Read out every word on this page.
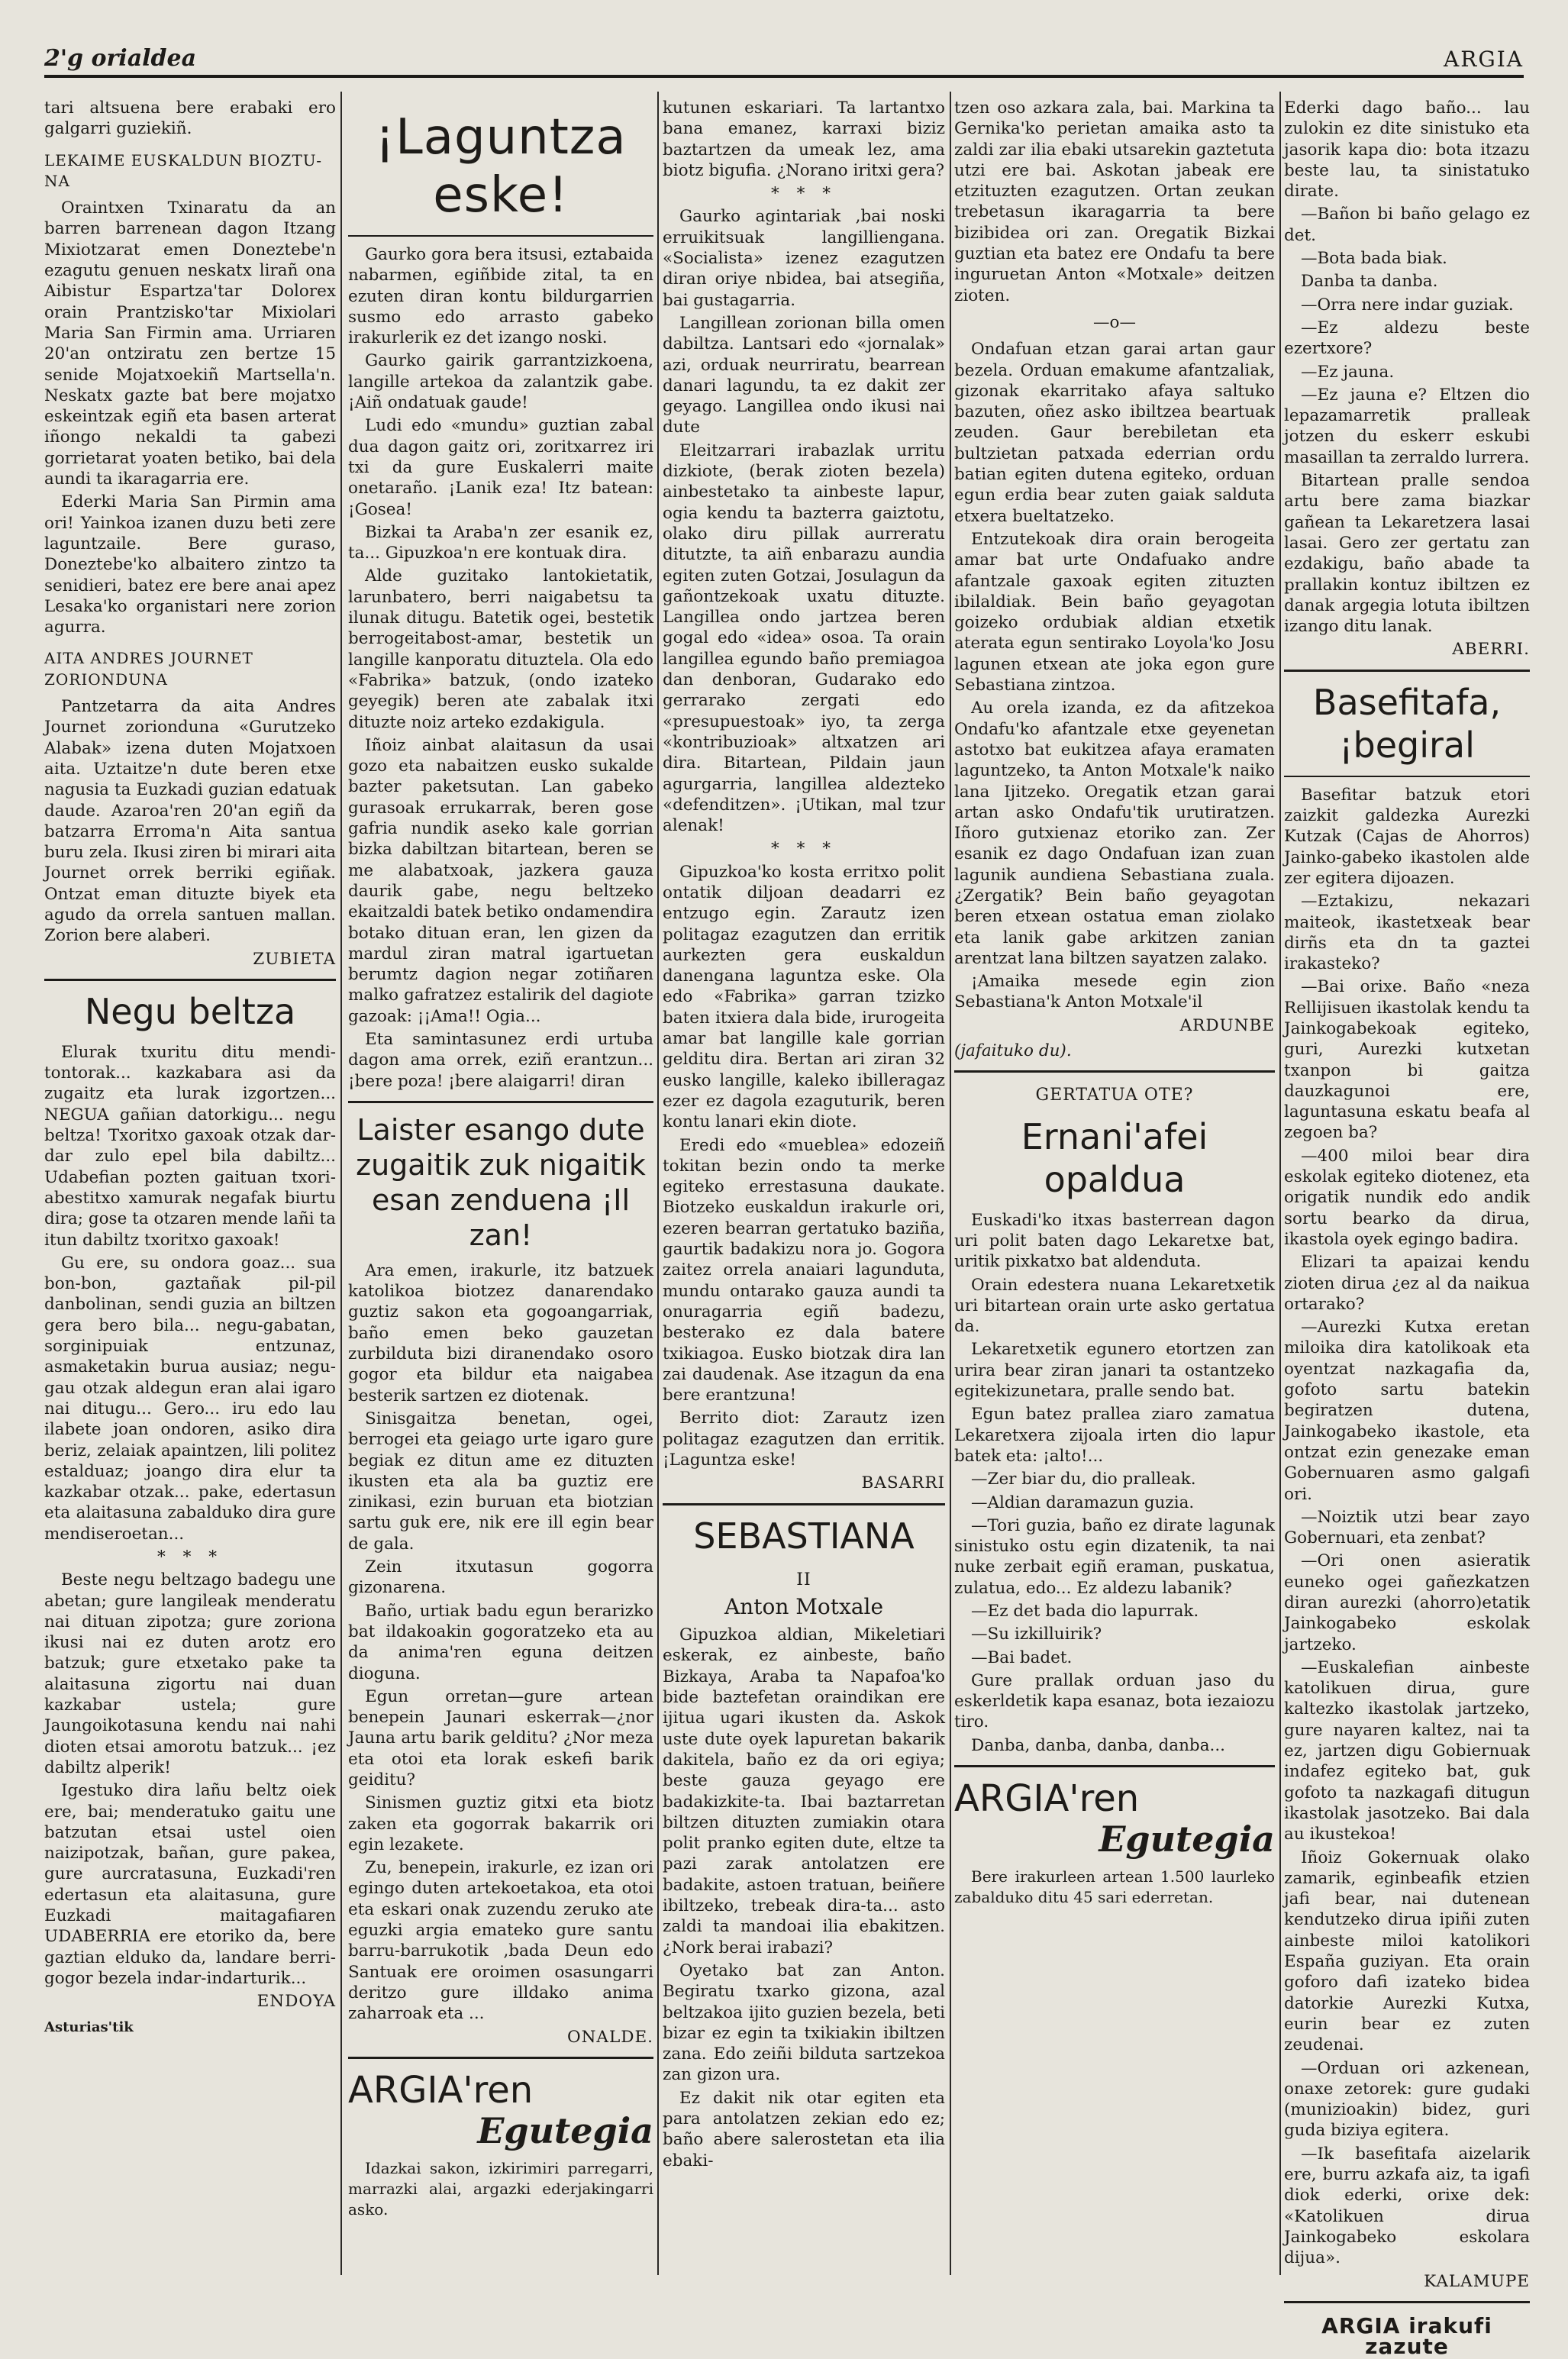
2'g orialdea	ARGIA

tari altsuena bere erabaki ero galgarri guziekiñ.

LEKAIME EUSKALDUN BIOZTU-NA

Oraintxen Txinaratu da an barren barrenean dagon Itzang Mixiotzarat emen Doneztebe'n ezagutu genuen neskatx lirañ ona Aibistur Espartza'tar Dolorex orain Prantzisko'tar Mixiolari Maria San Firmin ama. Urriaren 20'an ontziratu zen bertze 15 senide Mojatxoekiñ Martsella'n. Neskatx gazte bat bere mojatxo eskeintzak egiñ eta basen arterat iñongo nekaldi ta gabezi gorrietarat yoaten betiko, bai dela aundi ta ikaragarria ere.

Ederki Maria San Pirmin ama ori! Yainkoa izanen duzu beti zere laguntzaile. Bere guraso, Doneztebe'ko albaitero zintzo ta senidieri, batez ere bere anai apez Lesaka'ko organistari nere zorion agurra.

AITA ANDRES JOURNET ZORIONDUNA

Pantzetarra da aita Andres Journet zorionduna «Gurutzeko Alabak» izena duten Mojatxoen aita. Uztaitze'n dute beren etxe nagusia ta Euzkadi guzian edatuak daude. Azaroa'ren 20'an egiñ da batzarra Erroma'n Aita santua buru zela. Ikusi ziren bi mirari aita Journet orrek berriki egiñak. Ontzat eman dituzte biyek eta agudo da orrela santuen mallan. Zorion bere alaberi.

ZUBIETA
Negu beltza

Elurak txuritu ditu mendi-tontorak... kazkabara asi da zugaitz eta lurak izgortzen... NEGUA gañian datorkigu... negu beltza! Txoritxo gaxoak otzak dar-dar zulo epel bila dabiltz... Udabefian pozten gaituan txori-abestitxo xamurak negafak biurtu dira; gose ta otzaren mende lañi ta itun dabiltz txoritxo gaxoak!

Gu ere, su ondora goaz... sua bon-bon, gaztañak pil-pil danbolinan, sendi guzia an biltzen gera bero bila... negu-gabatan, sorginipuiak entzunaz, asmaketakin burua ausiaz; negu-gau otzak aldegun eran alai igaro nai ditugu... Gero... iru edo lau ilabete joan ondoren, asiko dira beriz, zelaiak apaintzen, lili politez estalduaz; joango dira elur ta kazkabar otzak... pake, edertasun eta alaitasuna zabalduko dira gure mendiseroetan...

* * *

Beste negu beltzago badegu une abetan; gure langileak menderatu nai dituan zipotza; gure zoriona ikusi nai ez duten arotz ero batzuk; gure etxetako pake ta alaitasuna zigortu nai duan kazkabar ustela; gure Jaungoikotasuna kendu nai nahi dioten etsai amorotu batzuk... ¡ez dabiltz alperik!

Igestuko dira lañu beltz oiek ere, bai; menderatuko gaitu une batzutan etsai ustel oien naizipotzak, bañan, gure pakea, gure aurcratasuna, Euzkadi'ren edertasun eta alaitasuna, gure Euzkadi maitagafiaren UDABERRIA ere etoriko da, bere gaztian elduko da, landare berri-gogor bezela indar-indarturik...

ENDOYA

Asturias'tik

¡Laguntza eske!

Gaurko gora bera itsusi, eztabaida nabarmen, egiñbide zital, ta en ezuten diran kontu bildurgarrien susmo edo arrasto gabeko irakurlerik ez det izango noski.

Gaurko gairik garrantzizkoena, langille artekoa da zalantzik gabe. ¡Aiñ ondatuak gaude!

Ludi edo «mundu» guztian zabal dua dagon gaitz ori, zoritxarrez iri txi da gure Euskalerri maite onetaraño. ¡Lanik eza! Itz batean: ¡Gosea!

Bizkai ta Araba'n zer esanik ez, ta... Gipuzkoa'n ere kontuak dira.

Alde guzitako lantokietatik, larunbatero, berri naigabetsu ta ilunak ditugu. Batetik ogei, bestetik berrogeitabost-amar, bestetik un langille kanporatu dituztela. Ola edo «Fabrika» batzuk, (ondo izateko geyegik) beren ate zabalak itxi dituzte noiz arteko ezdakigula.

Iñoiz ainbat alaitasun da usai gozo eta nabaitzen eusko sukalde bazter paketsutan. Lan gabeko gurasoak errukarrak, beren gose gafria nundik aseko kale gorrian bizka dabiltzan bitartean, beren se me alabatxoak, jazkera gauza daurik gabe, negu beltzeko ekaitzaldi batek betiko ondamendira botako dituan eran, len gizen da mardul ziran matral igartuetan berumtz dagion negar zotiñaren malko gafratzez estalirik del dagiote gazoak: ¡¡Ama!! Ogia...

Eta samintasunez erdi urtuba dagon ama orrek, eziñ erantzun... ¡bere poza! ¡bere alaigarri! diran

Laister esango dute zugaitik zuk nigaitik esan zenduena ¡Il zan!

Ara emen, irakurle, itz batzuek katolikoa biotzez danarendako guztiz sakon eta gogoangarriak, baño emen beko gauzetan zurbilduta bizi diranendako osoro gogor eta bildur eta naigabea besterik sartzen ez diotenak.

Sinisgaitza benetan, ogei, berrogei eta geiago urte igaro gure begiak ez ditun ame ez dituzten ikusten eta ala ba guztiz ere zinikasi, ezin buruan eta biotzian sartu guk ere, nik ere ill egin bear de gala.

Zein itxutasun gogorra gizonarena.

Baño, urtiak badu egun berarizko bat ildakoakin gogoratzeko eta au da anima'ren eguna deitzen dioguna.

Egun orretan—gure artean benepein Jaunari eskerrak—¿nor Jauna artu barik gelditu? ¿Nor meza eta otoi eta lorak eskefi barik geiditu?

Sinismen guztiz gitxi eta biotz zaken eta gogorrak bakarrik ori egin lezakete.

Zu, benepein, irakurle, ez izan ori egingo duten artekoetakoa, eta otoi eta eskari onak zuzendu zeruko ate eguzki argia emateko gure santu barru-barrukotik ,bada Deun edo Santuak ere oroimen osasungarri deritzo gure illdako anima zaharroak eta ...

ONALDE.
ARGIA'ren
Egutegia

Idazkai sakon, izkirimiri parregarri, marrazki alai, argazki ederjakingarri asko.

kutunen eskariari. Ta lartantxo bana emanez, karraxi biziz baztartzen da umeak lez, ama biotz bigufia. ¿Norano iritxi gera?

* * *

Gaurko agintariak ,bai noski erruikitsuak langilliengana. «Socialista» izenez ezagutzen diran oriye nbidea, bai atsegiña, bai gustagarria.

Langillean zorionan billa omen dabiltza. Lantsari edo «jornalak» azi, orduak neurriratu, bearrean danari lagundu, ta ez dakit zer geyago. Langillea ondo ikusi nai dute

Eleitzarrari irabazlak urritu dizkiote, (berak zioten bezela) ainbestetako ta ainbeste lapur, ogia kendu ta bazterra gaiztotu, olako diru pillak aurreratu ditutzte, ta aiñ enbarazu aundia egiten zuten Gotzai, Josulagun da gañontzekoak uxatu dituzte. Langillea ondo jartzea beren gogal edo «idea» osoa. Ta orain langillea egundo baño premiagoa dan denboran, Gudarako edo gerrarako zergati edo «presupuestoak» iyo, ta zerga «kontribuzioak» altxatzen ari dira. Bitartean, Pildain jaun agurgarria, langillea aldezteko «defenditzen». ¡Utikan, mal tzur alenak!

* * *

Gipuzkoa'ko kosta erritxo polit ontatik diljoan deadarri ez entzugo egin. Zarautz izen politagaz ezagutzen dan erritik aurkezten gera euskaldun danengana laguntza eske. Ola edo «Fabrika» garran tzizko baten itxiera dala bide, irurogeita amar bat langille kale gorrian gelditu dira. Bertan ari ziran 32 eusko langille, kaleko ibilleragaz ezer ez dagola ezaguturik, beren kontu lanari ekin diote.

Eredi edo «mueblea» edozeiñ tokitan bezin ondo ta merke egiteko errestasuna daukate. Biotzeko euskaldun irakurle ori, ezeren bearran gertatuko baziña, gaurtik badakizu nora jo. Gogora zaitez orrela anaiari lagunduta, mundu ontarako gauza aundi ta onuragarria egiñ badezu, besterako ez dala batere txikiagoa. Eusko biotzak dira lan zai daudenak. Ase itzagun da ena bere erantzuna!

Berrito diot: Zarautz izen politagaz ezagutzen dan erritik. ¡Laguntza eske!

BASARRI
SEBASTIANA
II
Anton Motxale

Gipuzkoa aldian, Mikeletiari eskerak, ez ainbeste, baño Bizkaya, Araba ta Napafoa'ko bide baztefetan oraindikan ere ijitua ugari ikusten da. Askok uste dute oyek lapuretan bakarik dakitela, baño ez da ori egiya; beste gauza geyago ere badakizkite-ta. Ibai baztarretan biltzen dituzten zumiakin otara polit pranko egiten dute, eltze ta pazi zarak antolatzen ere badakite, astoen tratuan, beiñere ibiltzeko, trebeak dira-ta... asto zaldi ta mandoai ilia ebakitzen. ¿Nork berai irabazi?

Oyetako bat zan Anton. Begiratu txarko gizona, azal beltzakoa ijito guzien bezela, beti bizar ez egin ta txikiakin ibiltzen zana. Edo zeiñi bilduta sartzekoa zan gizon ura.

Ez dakit nik otar egiten eta para antolatzen zekian edo ez; baño abere salerostetan eta ilia ebaki-

tzen oso azkara zala, bai. Markina ta Gernika'ko perietan amaika asto ta zaldi zar ilia ebaki utsarekin gaztetuta utzi ere bai. Askotan jabeak ere etzituzten ezagutzen. Ortan zeukan trebetasun ikaragarria ta bere bizibidea ori zan. Oregatik Bizkai guztian eta batez ere Ondafu ta bere inguruetan Anton «Motxale» deitzen zioten.

—o—

Ondafuan etzan garai artan gaur bezela. Orduan emakume afantzaliak, gizonak ekarritako afaya saltuko bazuten, oñez asko ibiltzea beartuak zeuden. Gaur berebiletan eta bultzietan patxada ederrian ordu batian egiten dutena egiteko, orduan egun erdia bear zuten gaiak salduta etxera bueltatzeko.

Entzutekoak dira orain berogeita amar bat urte Ondafuako andre afantzale gaxoak egiten zituzten ibilaldiak. Bein baño geyagotan goizeko ordubiak aldian etxetik aterata egun sentirako Loyola'ko Josu lagunen etxean ate joka egon gure Sebastiana zintzoa.

Au orela izanda, ez da afitzekoa Ondafu'ko afantzale etxe geyenetan astotxo bat eukitzea afaya eramaten laguntzeko, ta Anton Motxale'k naiko lana Ijitzeko. Oregatik etzan garai artan asko Ondafu'tik urutiratzen. Iñoro gutxienaz etoriko zan. Zer esanik ez dago Ondafuan izan zuan lagunik aundiena Sebastiana zuala. ¿Zergatik? Bein baño geyagotan beren etxean ostatua eman ziolako eta lanik gabe arkitzen zanian arentzat lana biltzen sayatzen zalako.

¡Amaika mesede egin zion Sebastiana'k Anton Motxale'il

ARDUNBE

(jafaituko du).

GERTATUA OTE?
Ernani'afei opaldua

Euskadi'ko itxas basterrean dagon uri polit baten dago Lekaretxe bat, uritik pixkatxo bat aldenduta.

Orain edestera nuana Lekaretxetik uri bitartean orain urte asko gertatua da.

Lekaretxetik egunero etortzen zan urira bear ziran janari ta ostantzeko egitekizunetara, pralle sendo bat.

Egun batez prallea ziaro zamatua Lekaretxera zijoala irten dio lapur batek eta: ¡alto!...

—Zer biar du, dio pralleak.

—Aldian daramazun guzia.

—Tori guzia, baño ez dirate lagunak sinistuko ostu egin dizatenik, ta nai nuke zerbait egiñ eraman, puskatua, zulatua, edo... Ez aldezu labanik?

—Ez det bada dio lapurrak.

—Su izkilluirik?

—Bai badet.

Gure prallak orduan jaso du eskerldetik kapa esanaz, bota iezaiozu tiro.

Danba, danba, danba, danba...

ARGIA'ren
Egutegia

Bere irakurleen artean 1.500 laurleko zabalduko ditu 45 sari ederretan.

Ederki dago baño... lau zulokin ez dite sinistuko eta jasorik kapa dio: bota itzazu beste lau, ta sinistatuko dirate.

—Bañon bi baño gelago ez det.

—Bota bada biak.

Danba ta danba.

—Orra nere indar guziak.

—Ez aldezu beste ezertxore?

—Ez jauna.

—Ez jauna e? Eltzen dio lepazamarretik pralleak jotzen du eskerr eskubi masaillan ta zerraldo lurrera.

Bitartean pralle sendoa artu bere zama biazkar gañean ta Lekaretzera lasai lasai. Gero zer gertatu zan ezdakigu, baño abade ta prallakin kontuz ibiltzen ez danak argegia lotuta ibiltzen izango ditu lanak.

ABERRI.
Basefitafa, ¡begiral

Basefitar batzuk etori zaizkit galdezka Aurezki Kutzak (Cajas de Ahorros) Jainko-gabeko ikastolen alde zer egitera dijoazen.

—Eztakizu, nekazari maiteok, ikastetxeak bear dirñs eta dn ta gaztei irakasteko?

—Bai orixe. Baño «neza Rellijisuen ikastolak kendu ta Jainkogabekoak egiteko, guri, Aurezki kutxetan txanpon bi gaitza dauzkagunoi ere, laguntasuna eskatu beafa al zegoen ba?

—400 miloi bear dira eskolak egiteko diotenez, eta origatik nundik edo andik sortu bearko da dirua, ikastola oyek egingo badira.

Elizari ta apaizai kendu zioten dirua ¿ez al da naikua ortarako?

—Aurezki Kutxa eretan miloika dira katolikoak eta oyentzat nazkagafia da, gofoto sartu batekin begiratzen dutena, Jainkogabeko ikastole, eta ontzat ezin genezake eman Gobernuaren asmo galgafi ori.

—Noiztik utzi bear zayo Gobernuari, eta zenbat?

—Ori onen asieratik euneko ogei gañezkatzen diran aurezki (ahorro)etatik Jainkogabeko eskolak jartzeko.

—Euskalefian ainbeste katolikuen dirua, gure kaltezko ikastolak jartzeko, gure nayaren kaltez, nai ta ez, jartzen digu Gobiernuak indafez egiteko bat, guk gofoto ta nazkagafi ditugun ikastolak jasotzeko. Bai dala au ikustekoa!

Iñoiz Gokernuak olako zamarik, eginbeafik etzien jafi bear, nai dutenean kendutzeko dirua ipiñi zuten ainbeste miloi katolikori España guziyan. Eta orain goforo dafi izateko bidea datorkie Aurezki Kutxa, eurin bear ez zuten zeudenai.

—Orduan ori azkenean, onaxe zetorek: gure gudaki (munizioakin) bidez, guri guda biziya egitera.

—Ik basefitafa aizelarik ere, burru azkafa aiz, ta igafi diok ederki, orixe dek: «Katolikuen dirua Jainkogabeko eskolara dijua».

KALAMUPE
ARGIA irakufi zazute
